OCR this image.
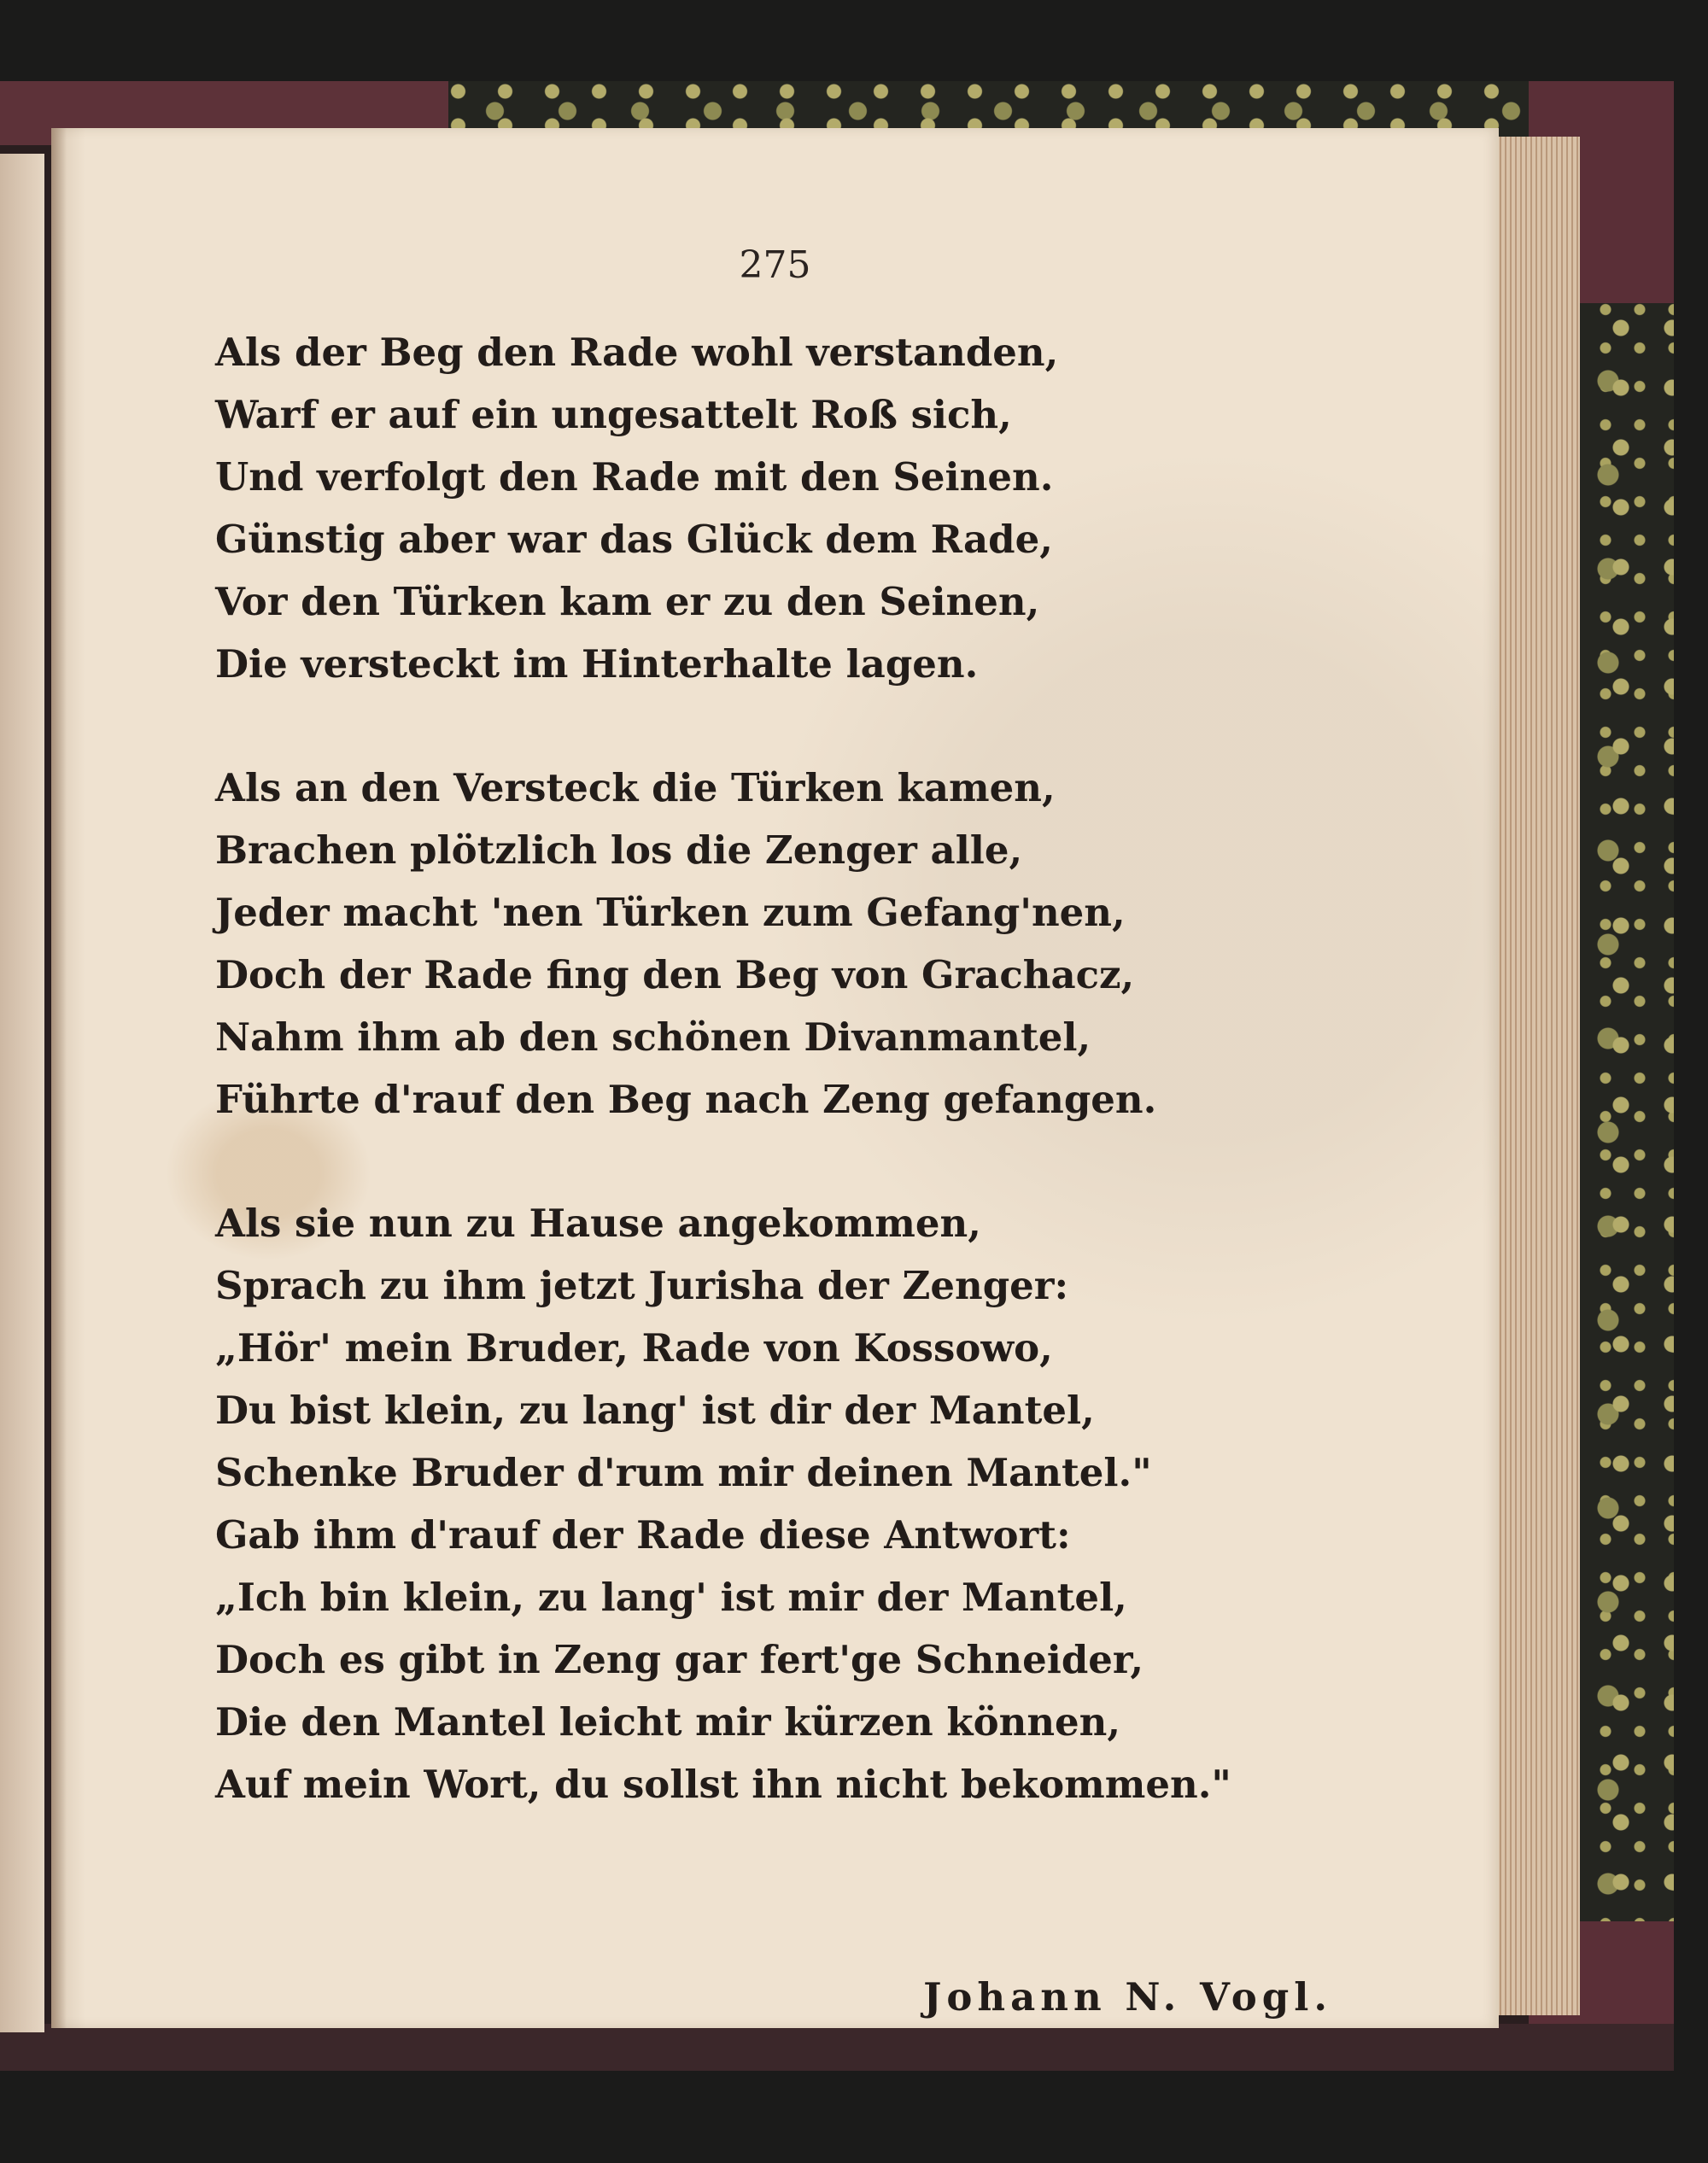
275
Als der Beg den Rade wohl verstanden,
Warf er auf ein ungesattelt Roß sich,
Und verfolgt den Rade mit den Seinen.
Günstig aber war das Glück dem Rade,
Vor den Türken kam er zu den Seinen,
Die versteckt im Hinterhalte lagen.
Als an den Versteck die Türken kamen,
Brachen plötzlich los die Zenger alle,
Jeder macht 'nen Türken zum Gefang'nen,
Doch der Rade fing den Beg von Grachacz,
Nahm ihm ab den schönen Divanmantel,
Führte d'rauf den Beg nach Zeng gefangen.
Als sie nun zu Hause angekommen,
Sprach zu ihm jetzt Jurisha der Zenger:
„Hör' mein Bruder, Rade von Kossowo,
Du bist klein, zu lang' ist dir der Mantel,
Schenke Bruder d'rum mir deinen Mantel."
Gab ihm d'rauf der Rade diese Antwort:
„Ich bin klein, zu lang' ist mir der Mantel,
Doch es gibt in Zeng gar fert'ge Schneider,
Die den Mantel leicht mir kürzen können,
Auf mein Wort, du sollst ihn nicht bekommen."
Johann N. Vogl.
